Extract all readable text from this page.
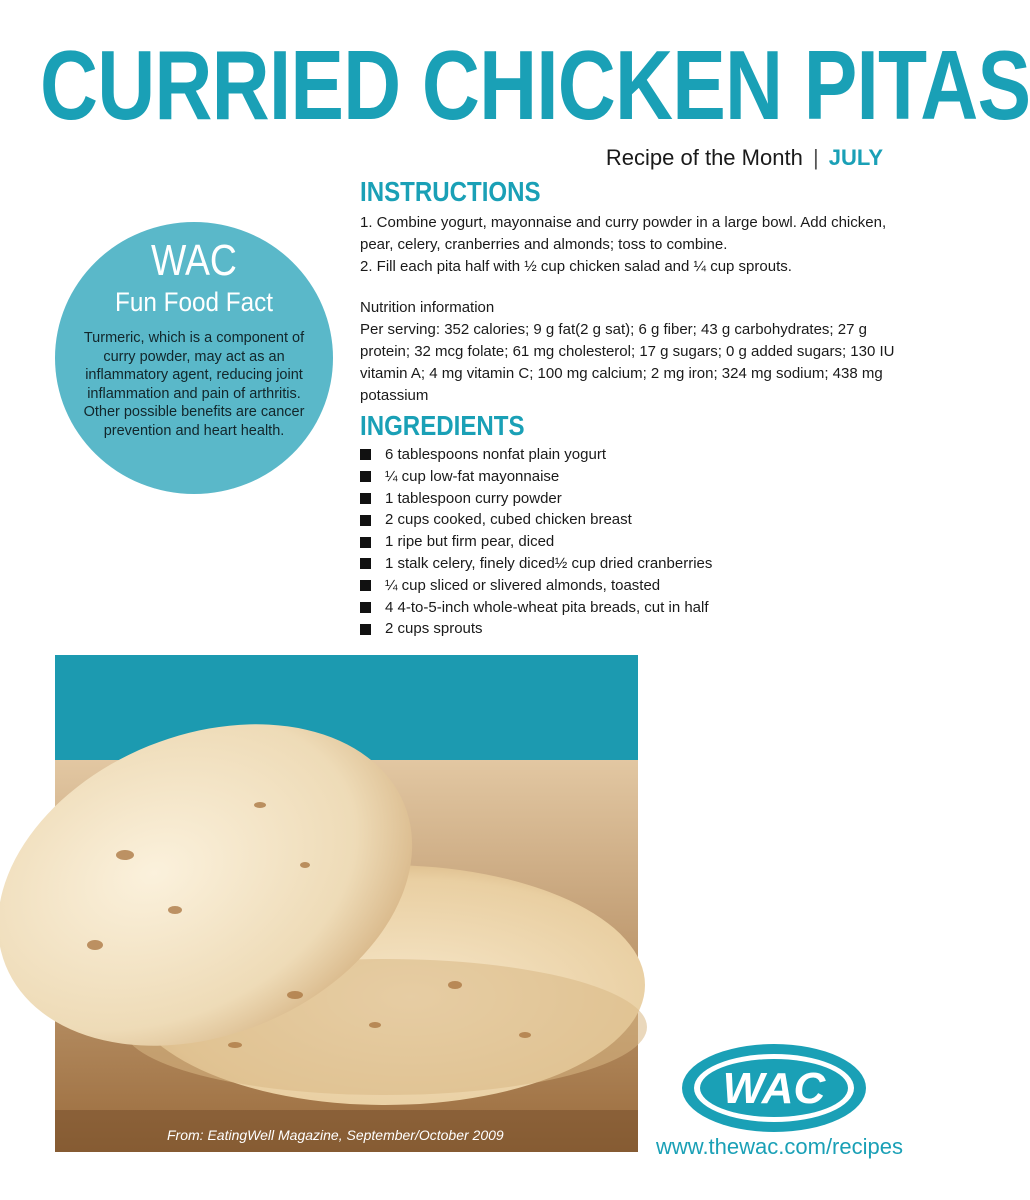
CURRIED CHICKEN PITAS
Recipe of the Month | JULY
INSTRUCTIONS

1. Combine yogurt, mayonnaise and curry powder in a large bowl. Add chicken, pear, celery, cranberries and almonds; toss to combine.

2. Fill each pita half with ½ cup chicken salad and ¼ cup sprouts.

Nutrition information

Per serving: 352 calories; 9 g fat(2 g sat); 6 g fiber; 43 g carbohydrates; 27 g protein; 32 mcg folate; 61 mg cholesterol; 17 g sugars; 0 g added sugars; 130 IU vitamin A; 4 mg vitamin C; 100 mg calcium; 2 mg iron; 324 mg sodium; 438 mg potassium

INGREDIENTS
6 tablespoons nonfat plain yogurt
¼ cup low-fat mayonnaise
1 tablespoon curry powder
2 cups cooked, cubed chicken breast
1 ripe but firm pear, diced
1 stalk celery, finely diced½ cup dried cranberries
¼ cup sliced or slivered almonds, toasted
4 4-to-5-inch whole-wheat pita breads, cut in half
2 cups sprouts
WAC
Fun Food Fact
Turmeric, which is a component of curry powder, may act as an inflammatory agent, reducing joint inflammation and pain of arthritis. Other possible benefits are cancer prevention and heart health.
From: EatingWell Magazine, September/October 2009
WAC
www.thewac.com/recipes
